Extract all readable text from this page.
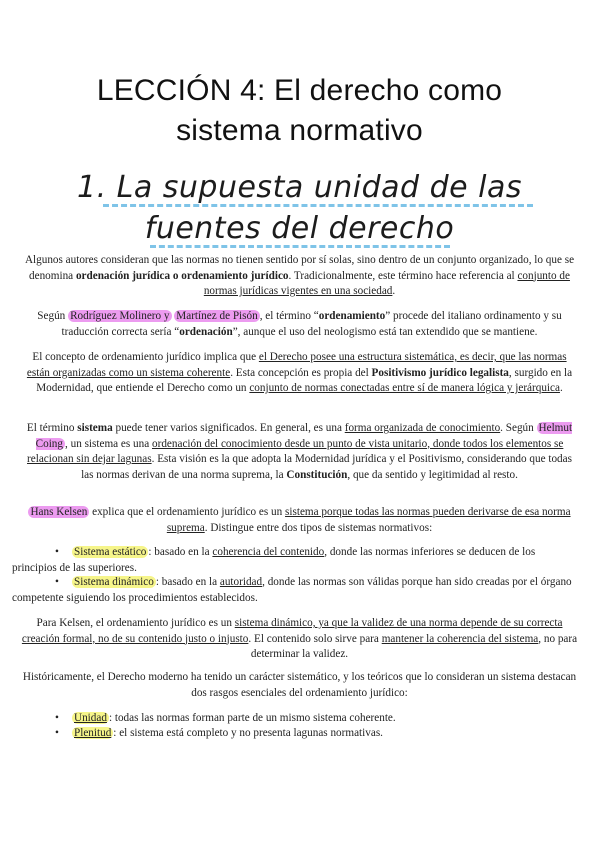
LECCIÓN 4: El derecho como
sistema normativo
1. La supuesta unidad de las
fuentes del derecho

Algunos autores consideran que las normas no tienen sentido por sí solas, sino dentro de un conjunto organizado, lo que se denomina ordenación jurídica o ordenamiento jurídico. Tradicionalmente, este término hace referencia al conjunto de normas jurídicas vigentes en una sociedad.

Según Rodríguez Molinero y Martínez de Pisón , el término “ordenamiento” procede del italiano ordinamento y su traducción correcta sería “ordenación”, aunque el uso del neologismo está tan extendido que se mantiene.

El concepto de ordenamiento jurídico implica que el Derecho posee una estructura sistemática, es decir, que las normas están organizadas como un sistema coherente. Esta concepción es propia del Positivismo jurídico legalista, surgido en la Modernidad, que entiende el Derecho como un conjunto de normas conectadas entre sí de manera lógica y jerárquica.

El término sistema puede tener varios significados. En general, es una forma organizada de conocimiento. Según Helmut Coing , un sistema es una ordenación del conocimiento desde un punto de vista unitario, donde todos los elementos se relacionan sin dejar lagunas. Esta visión es la que adopta la Modernidad jurídica y el Positivismo, considerando que todas las normas derivan de una norma suprema, la Constitución, que da sentido y legitimidad al resto.

Hans Kelsen explica que el ordenamiento jurídico es un sistema porque todas las normas pueden derivarse de esa norma suprema. Distingue entre dos tipos de sistemas normativos:

• Sistema estático : basado en la coherencia del contenido, donde las normas inferiores se deducen de los principios de las superiores.

• Sistema dinámico : basado en la autoridad, donde las normas son válidas porque han sido creadas por el órgano competente siguiendo los procedimientos establecidos.

Para Kelsen, el ordenamiento jurídico es un sistema dinámico, ya que la validez de una norma depende de su correcta creación formal, no de su contenido justo o injusto. El contenido solo sirve para mantener la coherencia del sistema, no para determinar la validez.

Históricamente, el Derecho moderno ha tenido un carácter sistemático, y los teóricos que lo consideran un sistema destacan dos rasgos esenciales del ordenamiento jurídico:

• Unidad : todas las normas forman parte de un mismo sistema coherente.

• Plenitud : el sistema está completo y no presenta lagunas normativas.
